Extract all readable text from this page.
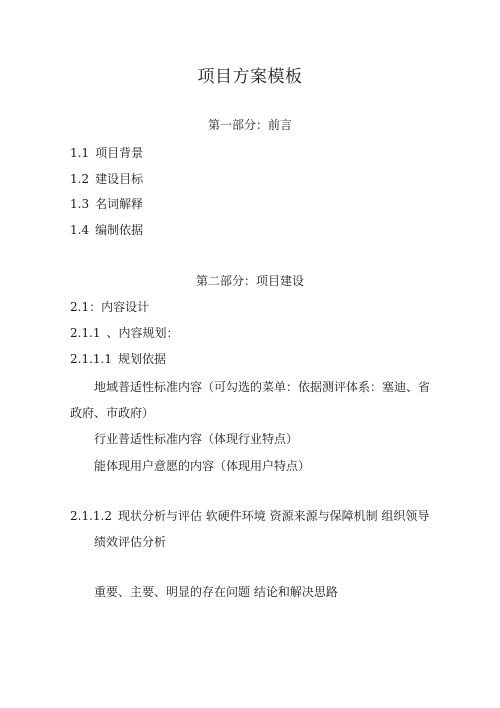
项目方案模板
第一部分：前言
1.1 项目背景
1.2 建设目标
1.3 名词解释
1.4 编制依据
第二部分：项目建设
2.1：内容设计
2.1.1 、内容规划：
2.1.1.1 规划依据
地域普适性标准内容（可勾选的菜单：依据测评体系：塞迪、省
政府、市政府）
行业普适性标准内容（体现行业特点）
能体现用户意愿的内容（体现用户特点）
2.1.1.2 现状分析与评估 软硬件环境 资源来源与保障机制 组织领导
绩效评估分析
重要、主要、明显的存在问题 结论和解决思路
